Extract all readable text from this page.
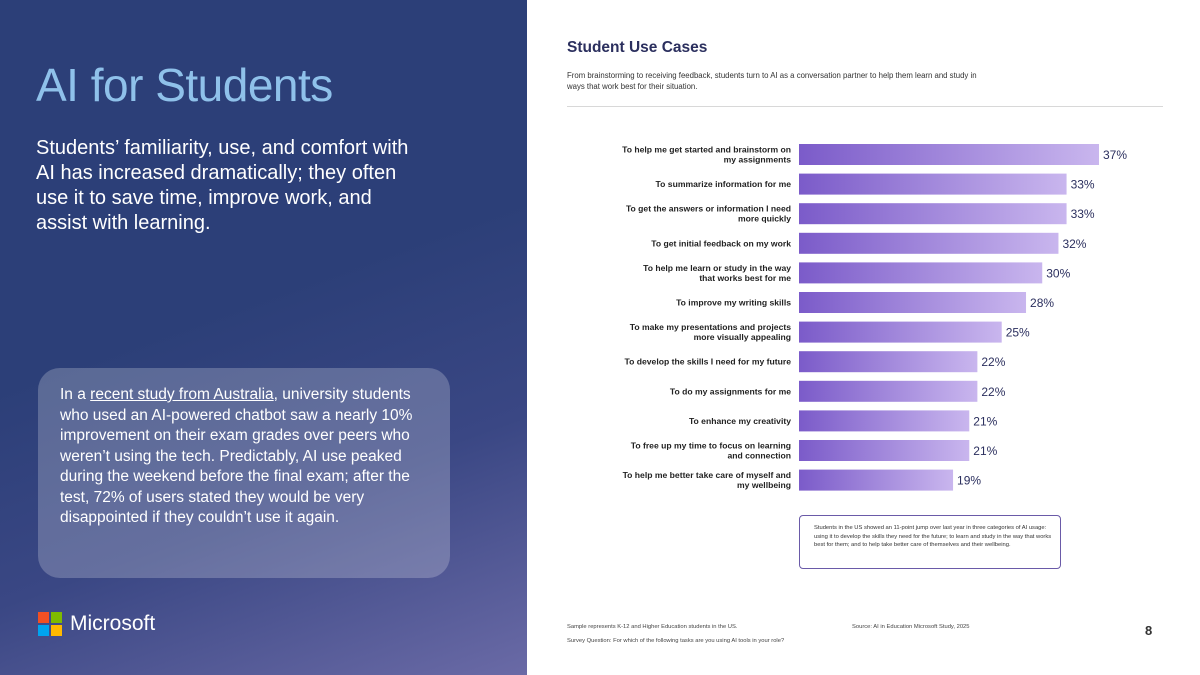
AI for Students
Students’ familiarity, use, and comfort with AI has increased dramatically; they often use it to save time, improve work, and assist with learning.
In a recent study from Australia, university students who used an AI-powered chatbot saw a nearly 10% improvement on their exam grades over peers who weren’t using the tech. Predictably, AI use peaked during the weekend before the final exam; after the test, 72% of users stated they would be very disappointed if they couldn’t use it again.
Microsoft
Student Use Cases
From brainstorming to receiving feedback, students turn to AI as a conversation partner to help them learn and study in ways that work best for their situation.
37%
To help me get started and brainstorm on my assignments
33%
To summarize information for me
33%
To get the answers or information I need more quickly
32%
To get initial feedback on my work
30%
To help me learn or study in the way that works best for me
28%
To improve my writing skills
25%
To make my presentations and projects more visually appealing
22%
To develop the skills I need for my future
22%
To do my assignments for me
21%
To enhance my creativity
21%
To free up my time to focus on learning and connection
19%
To help me better take care of myself and my wellbeing
Students in the US showed an 11-point jump over last year in three categories of AI usage: using it to develop the skills they need for the future; to learn and study in the way that works best for them; and to help take better care of themselves and their wellbeing.
Sample represents K-12 and Higher Education students in the US.
Survey Question: For which of the following tasks are you using AI tools in your role?
Source: AI in Education Microsoft Study, 2025	8
